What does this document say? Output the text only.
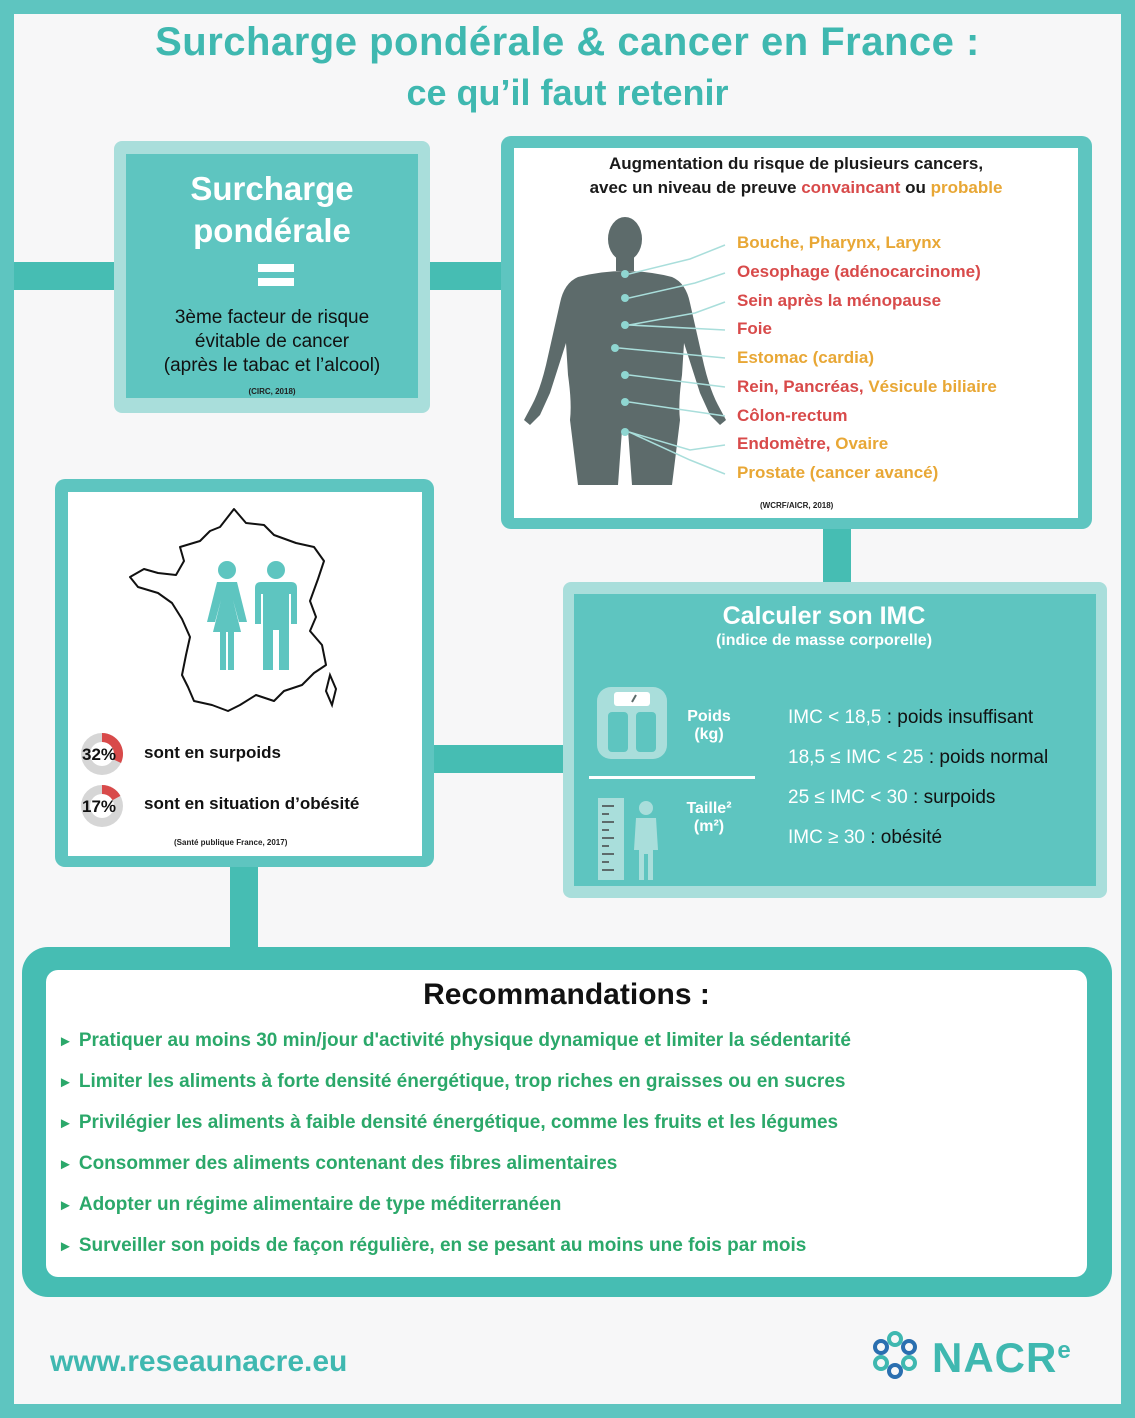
Surcharge pondérale & cancer en France :
ce qu’il faut retenir
Surcharge
pondérale
3ème facteur de risque
évitable de cancer
(après le tabac et l’alcool)
(CIRC, 2018)
Augmentation du risque de plusieurs cancers,
avec un niveau de preuve convaincant ou probable
Bouche, Pharynx, Larynx
Oesophage (adénocarcinome)
Sein après la ménopause
Foie
Estomac (cardia)
Rein, Pancréas, Vésicule biliaire
Côlon-rectum
Endomètre, Ovaire
Prostate (cancer avancé)
(WCRF/AICR, 2018)
32% sont en surpoids
17% sont en situation d’obésité
(Santé publique France, 2017)
Calculer son IMC
(indice de masse corporelle)
Poids
(kg)
Taille²
(m²)
IMC < 18,5 : poids insuffisant
18,5 ≤ IMC < 25 : poids normal
25 ≤ IMC < 30 : surpoids
IMC ≥ 30 : obésité
Recommandations :
► Pratiquer au moins 30 min/jour d'activité physique dynamique et limiter la sédentarité
► Limiter les aliments à forte densité énergétique, trop riches en graisses ou en sucres
► Privilégier les aliments à faible densité énergétique, comme les fruits et les légumes
► Consommer des aliments contenant des fibres alimentaires
► Adopter un régime alimentaire de type méditerranéen
► Surveiller son poids de façon régulière, en se pesant au moins une fois par mois
www.reseaunacre.eu	NACR$^e$
